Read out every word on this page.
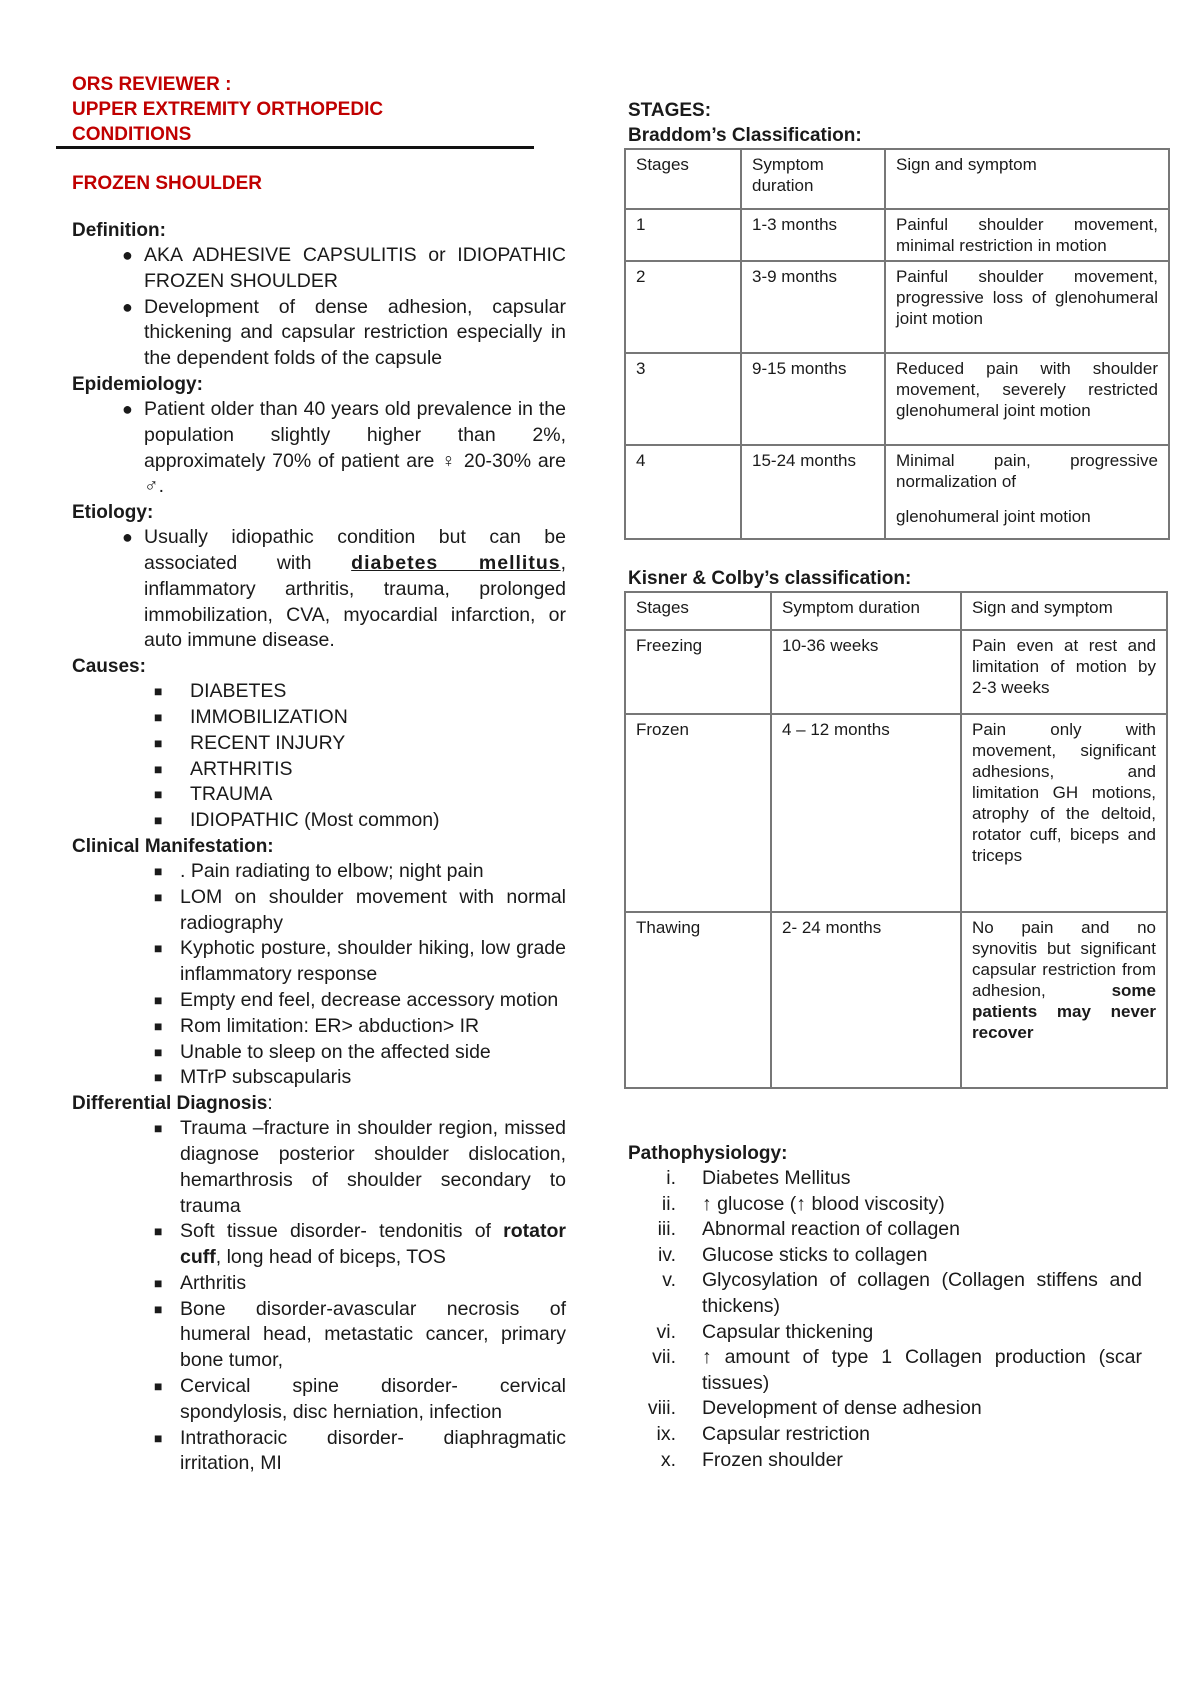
ORS REVIEWER :
UPPER EXTREMITY ORTHOPEDIC
CONDITIONS
FROZEN SHOULDER
Definition:
● AKA ADHESIVE CAPSULITIS or IDIOPATHIC FROZEN SHOULDER
● Development of dense adhesion, capsular thickening and capsular restriction especially in the dependent folds of the capsule
Epidemiology:
● Patient older than 40 years old prevalence in the population slightly higher than 2%, approximately 70% of patient are ♀ 20-30% are ♂.
Etiology:
● Usually idiopathic condition but can be associated with diabetes mellitus, inflammatory arthritis, trauma, prolonged immobilization, CVA, myocardial infarction, or auto immune disease.
Causes:
■ DIABETES
■ IMMOBILIZATION
■ RECENT INJURY
■ ARTHRITIS
■ TRAUMA
■ IDIOPATHIC (Most common)
Clinical Manifestation:
■ . Pain radiating to elbow; night pain
■ LOM on shoulder movement with normal radiography
■ Kyphotic posture, shoulder hiking, low grade inflammatory response
■ Empty end feel, decrease accessory motion
■ Rom limitation: ER> abduction> IR
■ Unable to sleep on the affected side
■ MTrP subscapularis
Differential Diagnosis:
■ Trauma –fracture in shoulder region, missed diagnose posterior shoulder dislocation, hemarthrosis of shoulder secondary to trauma
■ Soft tissue disorder- tendonitis of rotator cuff, long head of biceps, TOS
■ Arthritis
■ Bone disorder-avascular necrosis of humeral head, metastatic cancer, primary bone tumor,
■ Cervical spine disorder- cervical spondylosis, disc herniation, infection
■ Intrathoracic disorder- diaphragmatic irritation, MI
STAGES:
Braddom’s Classification:
Stages	Symptom duration	Sign and symptom
1	1-3 months	Painful shoulder movement, minimal restriction in motion
2	3-9 months	Painful shoulder movement, progressive loss of glenohumeral joint motion
3	9-15 months	Reduced pain with shoulder movement, severely restricted glenohumeral joint motion
4	15-24 months	Minimal pain, progressive normalization of
glenohumeral joint motion
Kisner & Colby’s classification:
Stages	Symptom duration	Sign and symptom
Freezing	10-36 weeks	Pain even at rest and limitation of motion by 2-3 weeks
Frozen	4 – 12 months	Pain only with movement, significant adhesions, and limitation GH motions, atrophy of the deltoid, rotator cuff, biceps and triceps
Thawing	2- 24 months	No pain and no synovitis but significant capsular restriction from adhesion, some patients may never recover
Pathophysiology:
i. Diabetes Mellitus
ii. ↑ glucose (↑ blood viscosity)
iii. Abnormal reaction of collagen
iv. Glucose sticks to collagen
v. Glycosylation of collagen (Collagen stiffens and thickens)
vi. Capsular thickening
vii. ↑ amount of type 1 Collagen production (scar tissues)
viii. Development of dense adhesion
ix. Capsular restriction
x. Frozen shoulder
